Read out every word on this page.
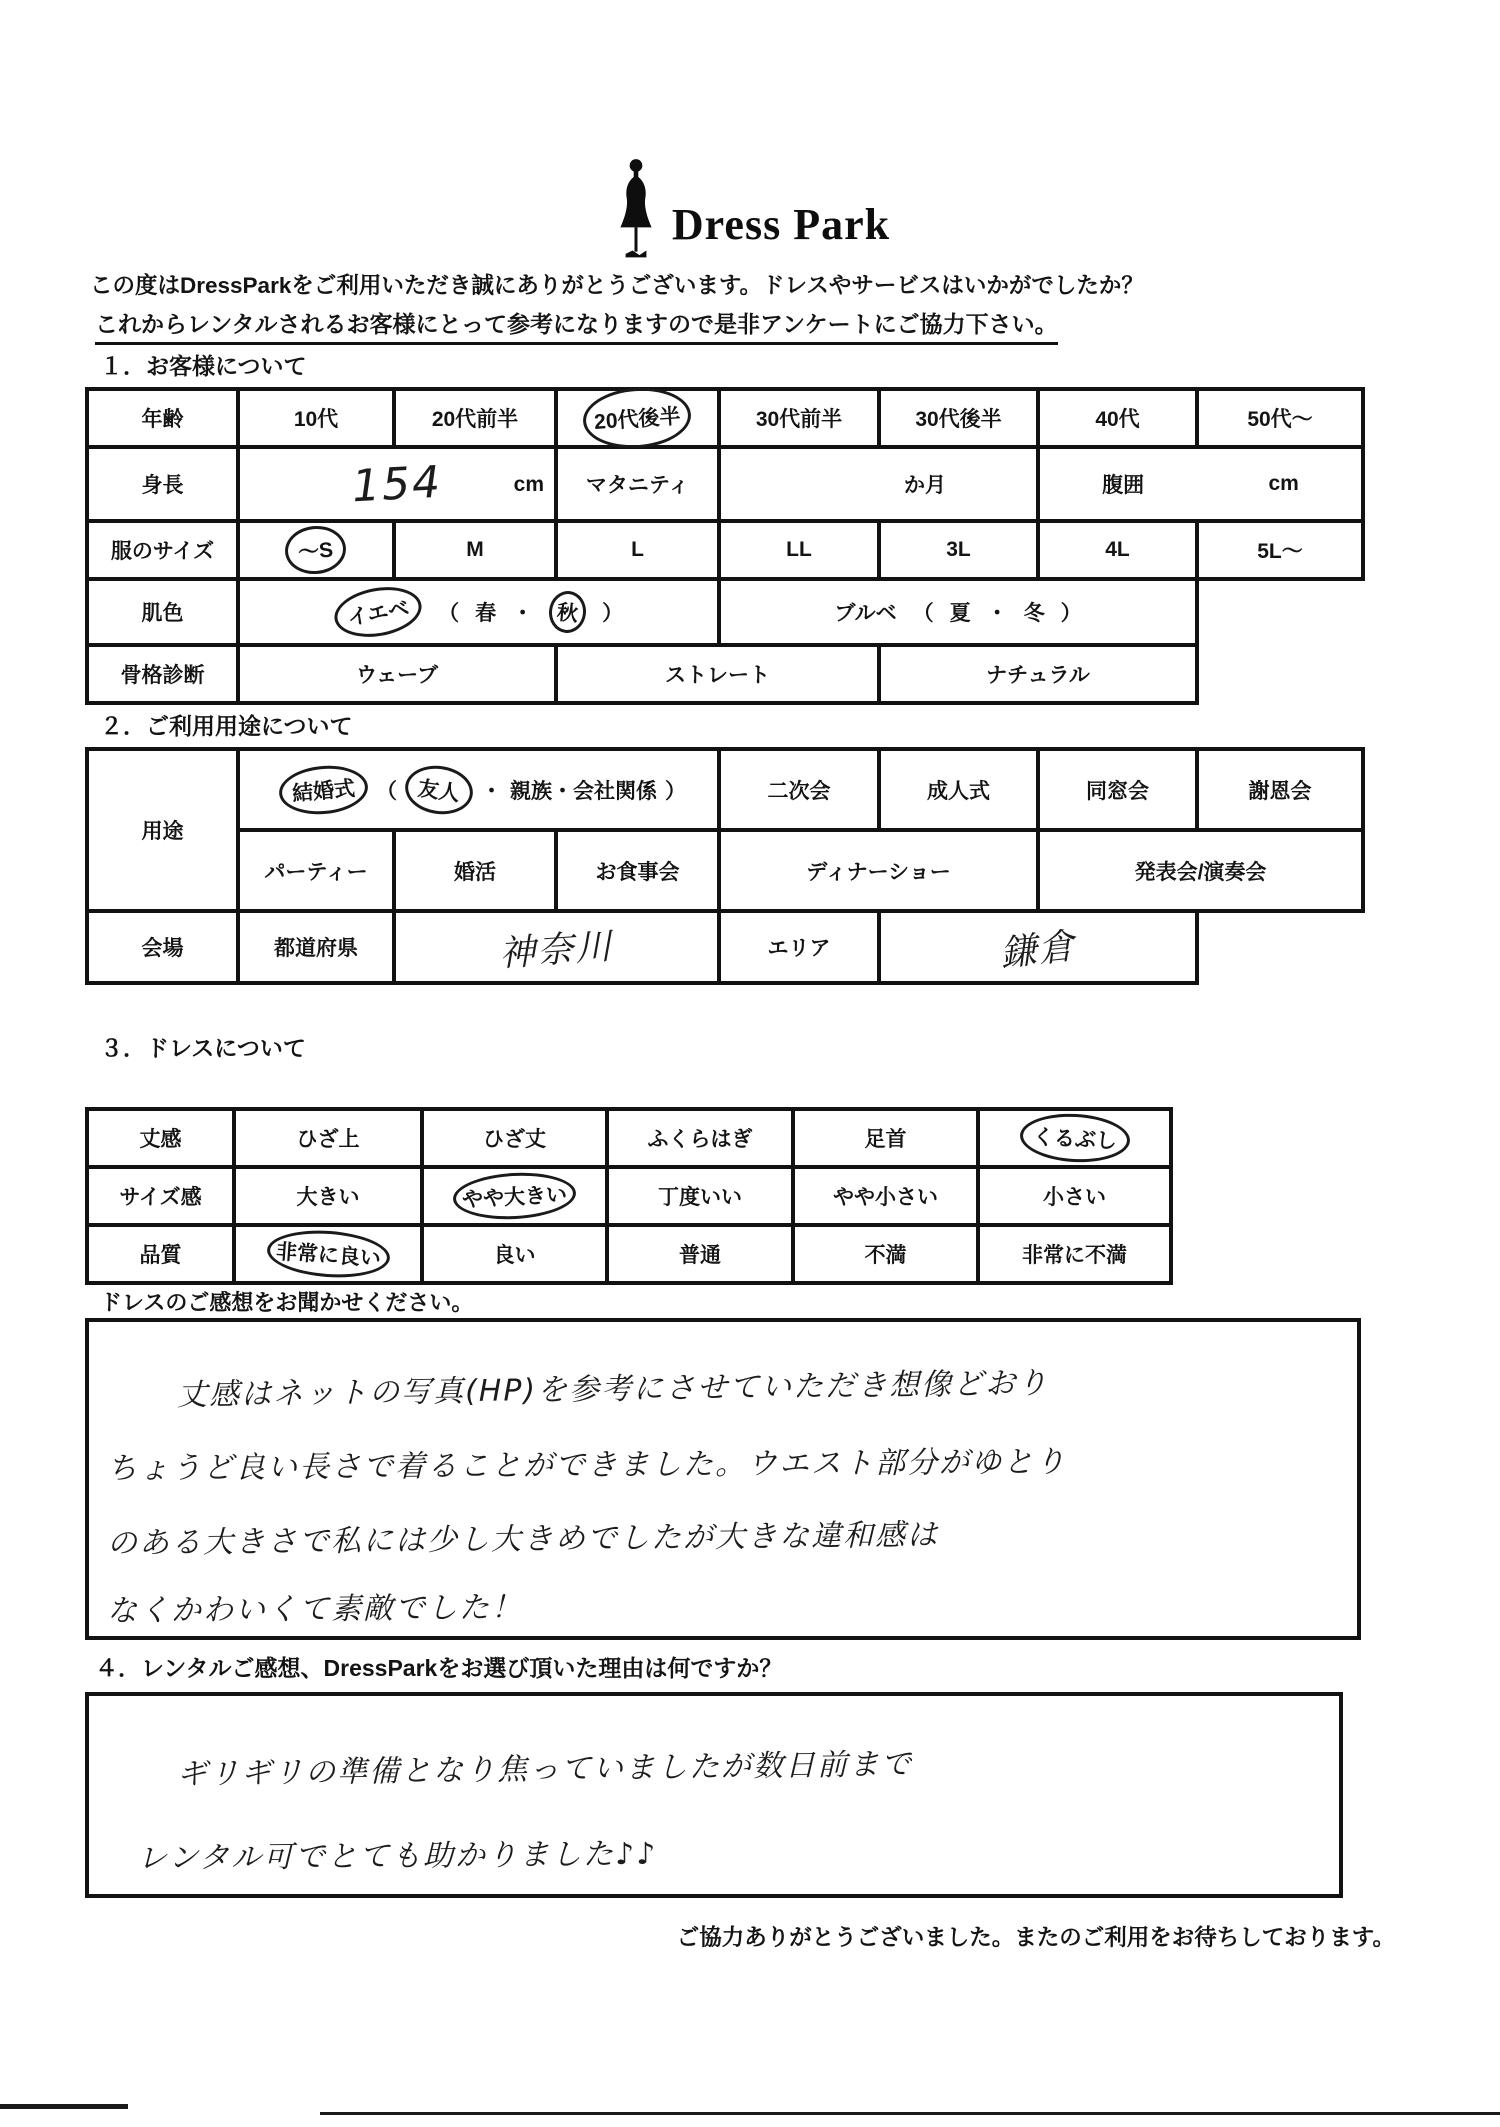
Dress Park
この度はDressParkをご利用いただき誠にありがとうございます。ドレスやサービスはいかがでしたか？
これからレンタルされるお客様にとって参考になりますので是非アンケートにご協力下さい。
１．お客様について
年齢	10代	20代前半	20代後半	30代前半	30代後半	40代	50代～
身長	154	cm	マタニティ	か月	腹囲	cm
服のサイズ	～S	M	L	LL	3L	4L	5L～
肌色	イエベ	（ 春 ・	秋	）	ブルベ （ 夏 ・ 冬 ）
骨格診断	ウェーブ	ストレート	ナチュラル
２．ご利用用途について
用途
結婚式 （ 友人 ・ 親族・会社関係 ）	二次会	成人式	同窓会	謝恩会
パーティー	婚活	お食事会	ディナーショー	発表会/演奏会
会場	都道府県	神奈川	エリア	鎌倉
３．ドレスについて
丈感	ひざ上	ひざ丈	ふくらはぎ	足首	くるぶし
サイズ感	大きい	やや大きい	丁度いい	やや小さい	小さい
品質	非常に良い	良い	普通	不満	非常に不満
ドレスのご感想をお聞かせください。
丈感はネットの写真(HP)を参考にさせていただき想像どおり
ちょうど良い長さで着ることができました。ウエスト部分がゆとり
のある大きさで私には少し大きめでしたが大きな違和感は
なくかわいくて素敵でした！
４．レンタルご感想、DressParkをお選び頂いた理由は何ですか？
ギリギリの準備となり焦っていましたが数日前まで
レンタル可でとても助かりました♪♪
ご協力ありがとうございました。またのご利用をお待ちしております。
